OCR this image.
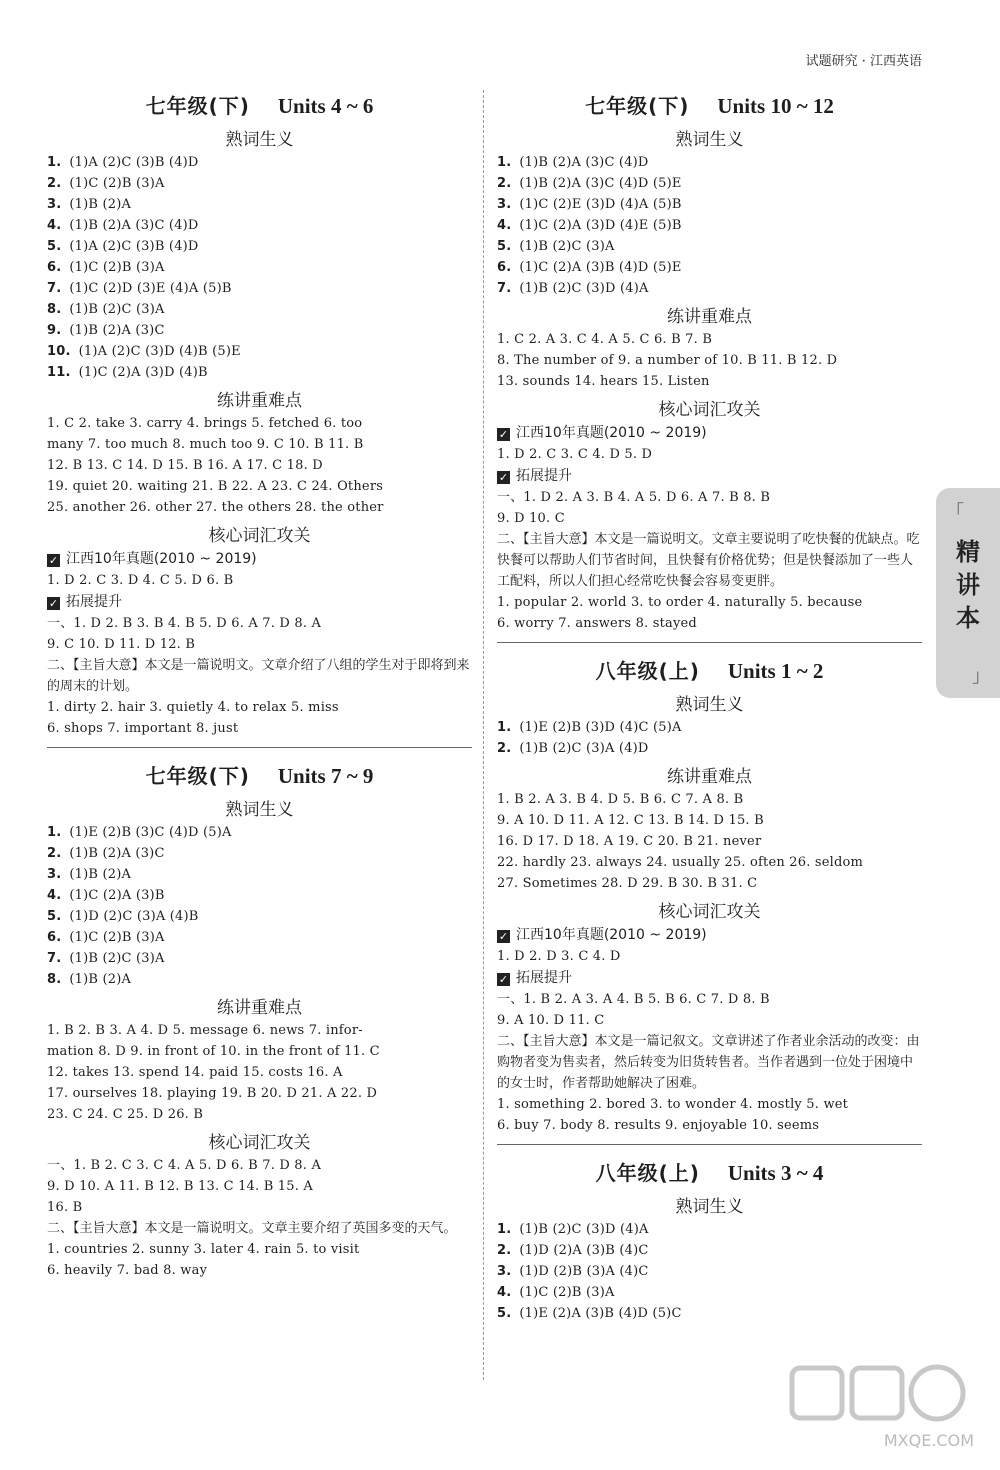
试题研究 · 江西英语
七年级(下) Units 4 ~ 6
熟词生义
1. (1)A (2)C (3)B (4)D
2. (1)C (2)B (3)A
3. (1)B (2)A
4. (1)B (2)A (3)C (4)D
5. (1)A (2)C (3)B (4)D
6. (1)C (2)B (3)A
7. (1)C (2)D (3)E (4)A (5)B
8. (1)B (2)C (3)A
9. (1)B (2)A (3)C
10. (1)A (2)C (3)D (4)B (5)E
11. (1)C (2)A (3)D (4)B
练讲重难点
1. C 2. take 3. carry 4. brings 5. fetched 6. too
many 7. too much 8. much too 9. C 10. B 11. B
12. B 13. C 14. D 15. B 16. A 17. C 18. D
19. quiet 20. waiting 21. B 22. A 23. C 24. Others
25. another 26. other 27. the others 28. the other
核心词汇攻关
✓ 江西10年真题(2010 ~ 2019)
1. D 2. C 3. D 4. C 5. D 6. B
✓ 拓展提升
一、1. D 2. B 3. B 4. B 5. D 6. A 7. D 8. A
9. C 10. D 11. D 12. B
二、【主旨大意】本文是一篇说明文。文章介绍了八组的学生对于即将到来的周末的计划。
1. dirty 2. hair 3. quietly 4. to relax 5. miss
6. shops 7. important 8. just
七年级(下) Units 7 ~ 9
熟词生义
1. (1)E (2)B (3)C (4)D (5)A
2. (1)B (2)A (3)C
3. (1)B (2)A
4. (1)C (2)A (3)B
5. (1)D (2)C (3)A (4)B
6. (1)C (2)B (3)A
7. (1)B (2)C (3)A
8. (1)B (2)A
练讲重难点
1. B 2. B 3. A 4. D 5. message 6. news 7. infor-
mation 8. D 9. in front of 10. in the front of 11. C
12. takes 13. spend 14. paid 15. costs 16. A
17. ourselves 18. playing 19. B 20. D 21. A 22. D
23. C 24. C 25. D 26. B
核心词汇攻关
一、1. B 2. C 3. C 4. A 5. D 6. B 7. D 8. A
9. D 10. A 11. B 12. B 13. C 14. B 15. A
16. B
二、【主旨大意】本文是一篇说明文。文章主要介绍了英国多变的天气。
1. countries 2. sunny 3. later 4. rain 5. to visit
6. heavily 7. bad 8. way
七年级(下) Units 10 ~ 12
熟词生义
1. (1)B (2)A (3)C (4)D
2. (1)B (2)A (3)C (4)D (5)E
3. (1)C (2)E (3)D (4)A (5)B
4. (1)C (2)A (3)D (4)E (5)B
5. (1)B (2)C (3)A
6. (1)C (2)A (3)B (4)D (5)E
7. (1)B (2)C (3)D (4)A
练讲重难点
1. C 2. A 3. C 4. A 5. C 6. B 7. B
8. The number of 9. a number of 10. B 11. B 12. D
13. sounds 14. hears 15. Listen
核心词汇攻关
✓ 江西10年真题(2010 ~ 2019)
1. D 2. C 3. C 4. D 5. D
✓ 拓展提升
一、1. D 2. A 3. B 4. A 5. D 6. A 7. B 8. B
9. D 10. C
二、【主旨大意】本文是一篇说明文。文章主要说明了吃快餐的优缺点。吃快餐可以帮助人们节省时间，且快餐有价格优势；但是快餐添加了一些人工配料，所以人们担心经常吃快餐会容易变更胖。
1. popular 2. world 3. to order 4. naturally 5. because
6. worry 7. answers 8. stayed
八年级(上) Units 1 ~ 2
熟词生义
1. (1)E (2)B (3)D (4)C (5)A
2. (1)B (2)C (3)A (4)D
练讲重难点
1. B 2. A 3. B 4. D 5. B 6. C 7. A 8. B
9. A 10. D 11. A 12. C 13. B 14. D 15. B
16. D 17. D 18. A 19. C 20. B 21. never
22. hardly 23. always 24. usually 25. often 26. seldom
27. Sometimes 28. D 29. B 30. B 31. C
核心词汇攻关
✓ 江西10年真题(2010 ~ 2019)
1. D 2. D 3. C 4. D
✓ 拓展提升
一、1. B 2. A 3. A 4. B 5. B 6. C 7. D 8. B
9. A 10. D 11. C
二、【主旨大意】本文是一篇记叙文。文章讲述了作者业余活动的改变：由购物者变为售卖者，然后转变为旧货转售者。当作者遇到一位处于困境中的女士时，作者帮助她解决了困难。
1. something 2. bored 3. to wonder 4. mostly 5. wet
6. buy 7. body 8. results 9. enjoyable 10. seems
八年级(上) Units 3 ~ 4
熟词生义
1. (1)B (2)C (3)D (4)A
2. (1)D (2)A (3)B (4)C
3. (1)D (2)B (3)A (4)C
4. (1)C (2)B (3)A
5. (1)E (2)A (3)B (4)D (5)C
「
精
讲
本
」
MXQE.COM
